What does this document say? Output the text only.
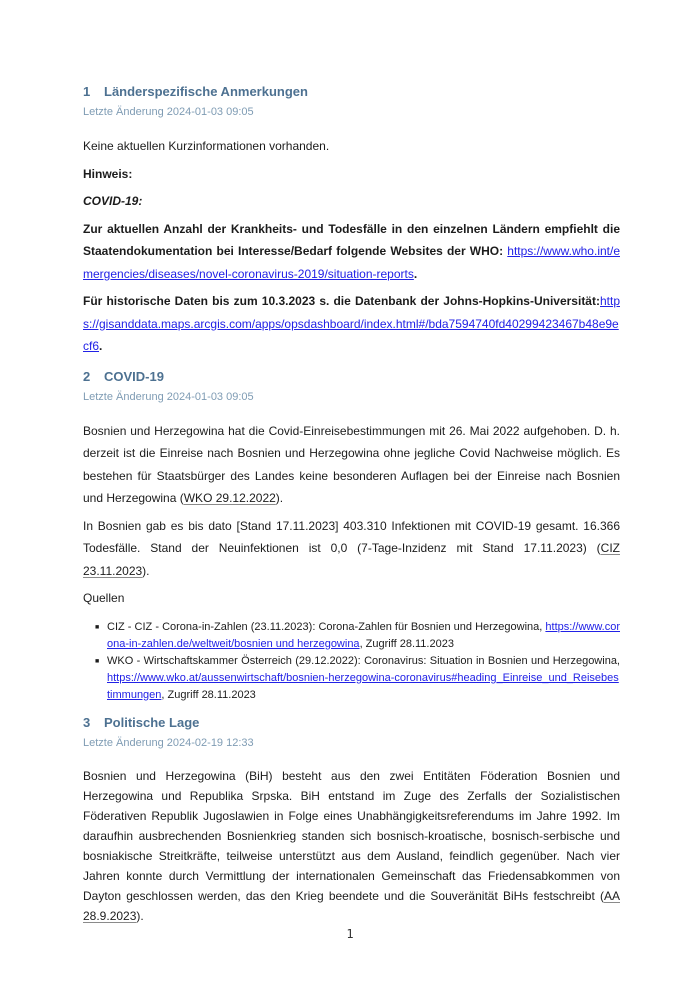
1 Länderspezifische Anmerkungen
Letzte Änderung 2024-01-03 09:05

Keine aktuellen Kurzinformationen vorhanden.

Hinweis:

COVID-19:

Zur aktuellen Anzahl der Krankheits- und Todesfälle in den einzelnen Ländern empfiehlt die Staatendokumentation bei Interesse/Bedarf folgende Websites der WHO: https://www.who.int/emergencies/diseases/novel-coronavirus-2019/situation-reports.

Für historische Daten bis zum 10.3.2023 s. die Datenbank der Johns-Hopkins-Universität:https://gisanddata.maps.arcgis.com/apps/opsdashboard/index.html#/bda7594740fd40299423467b48e9ecf6.

2 COVID-19
Letzte Änderung 2024-01-03 09:05

Bosnien und Herzegowina hat die Covid-Einreisebestimmungen mit 26. Mai 2022 aufgehoben. D. h. derzeit ist die Einreise nach Bosnien und Herzegowina ohne jegliche Covid Nachweise möglich. Es bestehen für Staatsbürger des Landes keine besonderen Auflagen bei der Einreise nach Bosnien und Herzegowina (WKO 29.12.2022).

In Bosnien gab es bis dato [Stand 17.11.2023] 403.310 Infektionen mit COVID-19 gesamt. 16.366 Todesfälle. Stand der Neuinfektionen ist 0,0 (7-Tage-Inzidenz mit Stand 17.11.2023) (CIZ 23.11.2023).

Quellen

■ CIZ - CIZ - Corona-in-Zahlen (23.11.2023): Corona-Zahlen für Bosnien und Herzegowina, https://www.corona-in-zahlen.de/weltweit/bosnien und herzegowina, Zugriff 28.11.2023
■ WKO - Wirtschaftskammer Österreich (29.12.2022): Coronavirus: Situation in Bosnien und Herzegowina, https://www.wko.at/aussenwirtschaft/bosnien-herzegowina-coronavirus#heading_Einreise_und_Reisebestimmungen, Zugriff 28.11.2023
3 Politische Lage
Letzte Änderung 2024-02-19 12:33

Bosnien und Herzegowina (BiH) besteht aus den zwei Entitäten Föderation Bosnien und Herzegowina und Republika Srpska. BiH entstand im Zuge des Zerfalls der Sozialistischen Föderativen Republik Jugoslawien in Folge eines Unabhängigkeitsreferendums im Jahre 1992. Im daraufhin ausbrechenden Bosnienkrieg standen sich bosnisch-kroatische, bosnisch-serbische und bosniakische Streitkräfte, teilweise unterstützt aus dem Ausland, feindlich gegenüber. Nach vier Jahren konnte durch Vermittlung der internationalen Gemeinschaft das Friedensabkommen von Dayton geschlossen werden, das den Krieg beendete und die Souveränität BiHs festschreibt (AA 28.9.2023).

1
